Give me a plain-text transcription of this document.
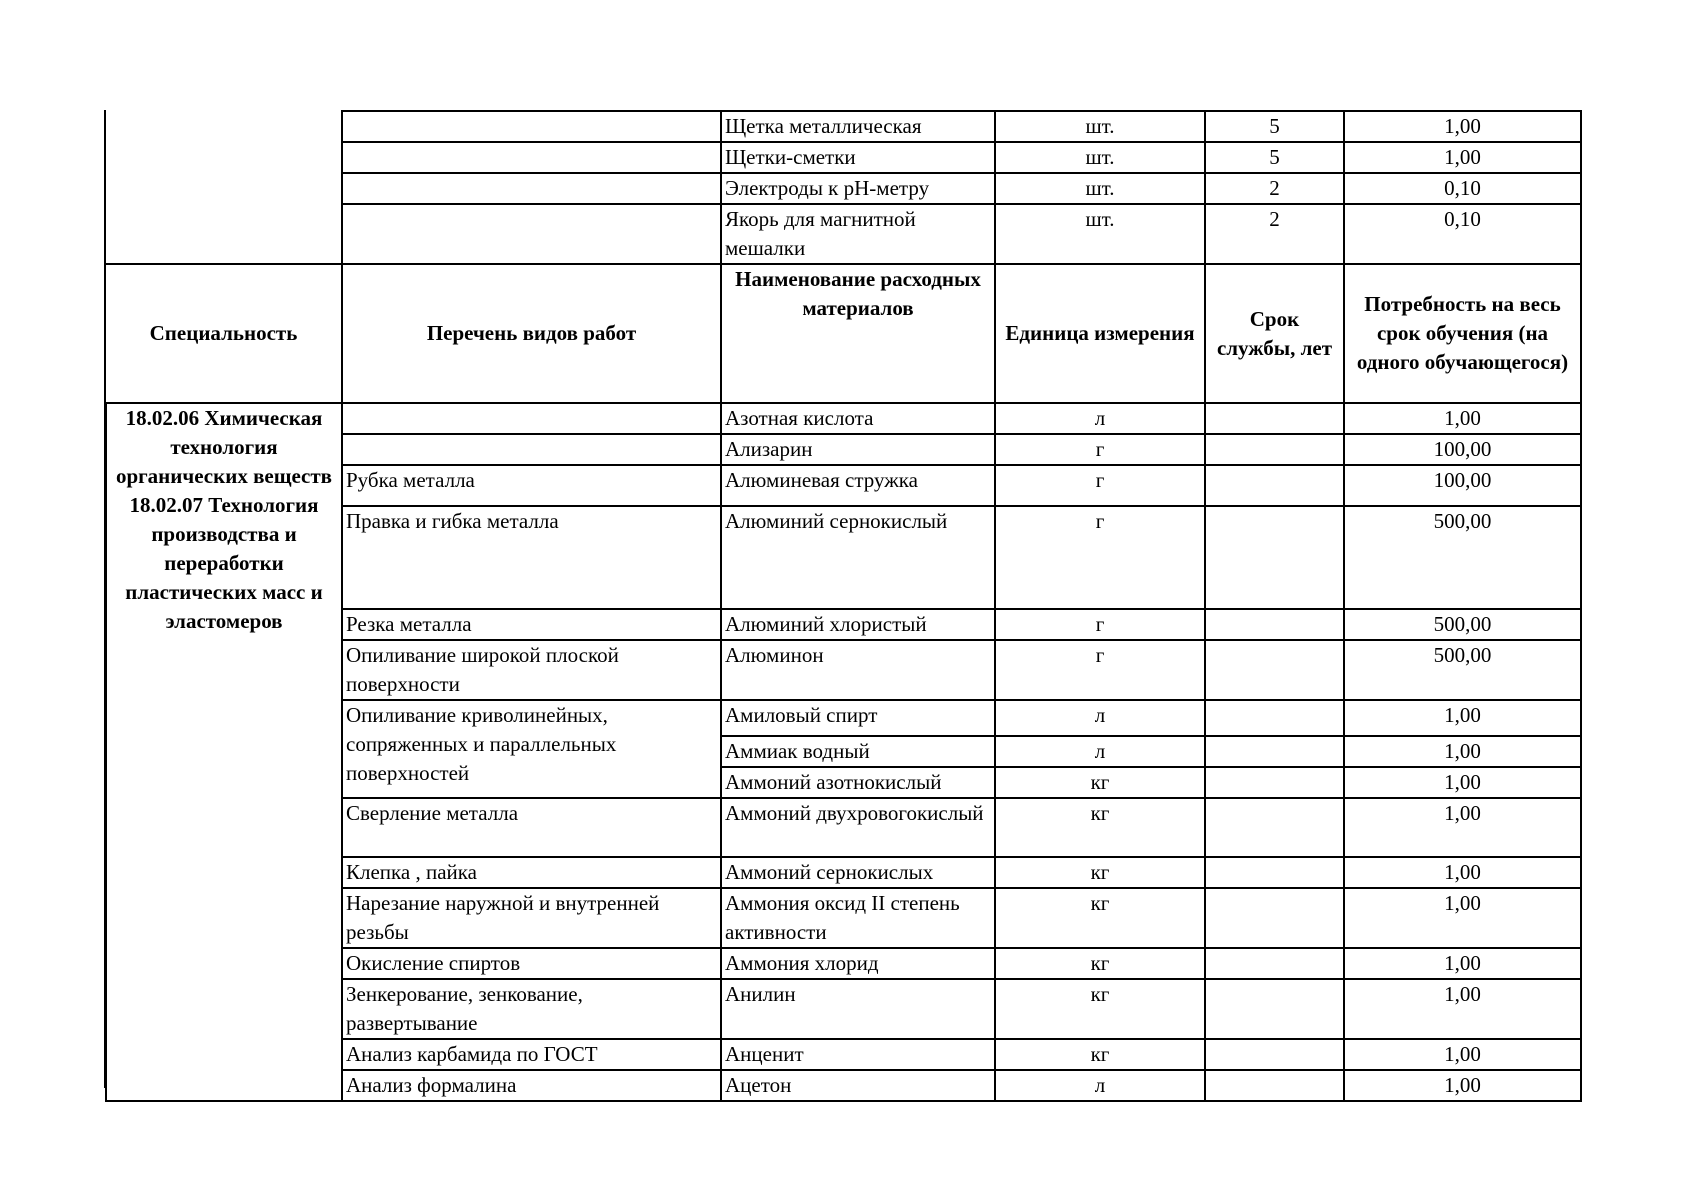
		Щетка металлическая	шт.	5	1,00
		Щетки-сметки	шт.	5	1,00
		Электроды к рН-метру	шт.	2	0,10
		Якорь для магнитной мешалки	шт.	2	0,10
Специальность	Перечень видов работ	Наименование расходных материалов	Единица измерения	Срок службы, лет	Потребность на весь срок обучения (на одного обучающегося)
18.02.06 Химическая технология органических веществ 18.02.07 Технология производства и переработки пластических масс и эластомеров		Азотная кислота	л		1,00
		Ализарин	г		100,00
	Рубка металла	Алюминевая стружка	г		100,00
	Правка и гибка металла	Алюминий сернокислый	г		500,00
	Резка металла	Алюминий хлористый	г		500,00
	Опиливание широкой плоской поверхности	Алюминон	г		500,00
	Опиливание криволинейных, сопряженных и параллельных поверхностей	Амиловый спирт	л		1,00
		Аммиак водный	л		1,00
		Аммоний азотнокислый	кг		1,00
	Сверление металла	Аммоний двухровогокислый	кг		1,00
	Клепка , пайка	Аммоний сернокислых	кг		1,00
	Нарезание наружной и внутренней резьбы	Аммония оксид II степень активности	кг		1,00
	Окисление спиртов	Аммония хлорид	кг		1,00
	Зенкерование, зенкование, развертывание	Анилин	кг		1,00
	Анализ карбамида по ГОСТ	Анценит	кг		1,00
	Анализ формалина	Ацетон	л		1,00
